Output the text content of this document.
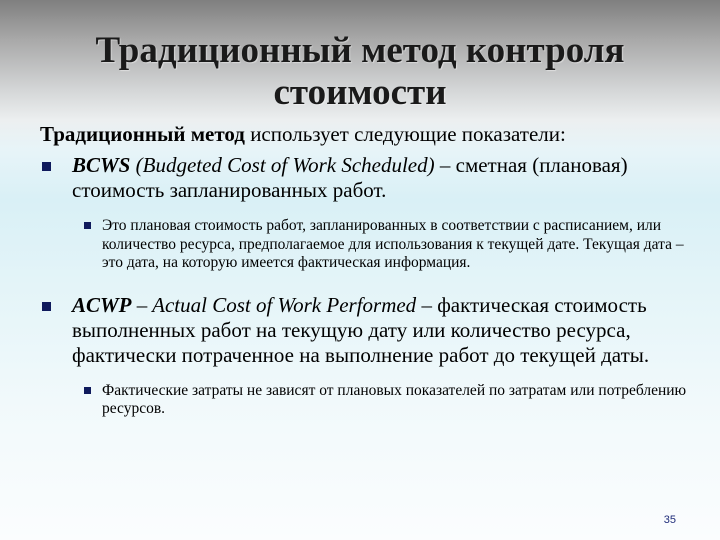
Традиционный метод контроля
стоимости

Традиционный метод использует следующие показатели:

BCWS (Budgeted Cost of Work Scheduled) – сметная (плановая) стоимость запланированных работ.
Это плановая стоимость работ, запланированных в соответствии с расписанием, или количество ресурса, предполагаемое для использования к текущей дате. Текущая дата – это дата, на которую имеется фактическая информация.
ACWP – Actual Cost of Work Performed – фактическая стоимость выполненных работ на текущую дату или количество ресурса, фактически потраченное на выполнение работ до текущей даты.
Фактические затраты не зависят от плановых показателей по затратам или потреблению ресурсов.
35
